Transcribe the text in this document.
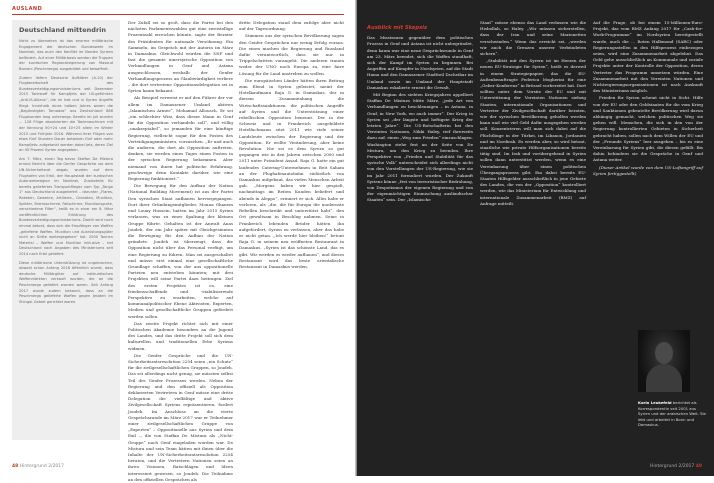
AUSLAND
Deutschland mittendrin

Nicht zu übersehen ist das enorme militärische Engagement der deutschen Bundeswehr im Nordirak, das auch den Konflikt im Norden Syriens befördert. Auf einer Militärbasis werden die Truppen der kurdischen Regionalregierung von Masoud Barzani (Peschmerga) ausgebildet und bewaffnet.

Zudem liefern Deutsche Aufklärer (A-10) der Flugbereitschaft des Bundesverteidigungsministeriums seit Dezember 2015 Tankstoff für Kampfjets der US-geführten „Anti-IS-Allianz“, die im Irak und in Syrien Angriffe fliegt. Innerhalb eines halben Jahres waren die „Begünstigten Tornados“ aus Deutschland 886 Flugstunden lang unterwegs. Bereits im Juli wurden ... 126 Flüge absolvierten die Tankmaschinen mit der Kennung 50+24 und 10+25 allein im Winter 2015 und Frühjahr 2016. Während ihrer Flügen von etwa fünf Stunden Dauer betanken fünf oder mehr Kampfjets: aufgetankt werden dabei Jets, deren Ziel an 45 Prozent Syrien angegeben.

Am 7. März, einen Tag bevor Staffan De Mistura erneut Bericht über die Genfer Gespräche vor dem UN-Sicherheitsrat abgab, wurden auf dem Flughafen von Erbil, der Hauptstadt der kurdischen Autonomieregion im Nordirak, Zusatzteile für bereits geliefertes Transportflieger vom Typ „Tango 1“ aus Deutschland ausgeliefert – darunter „Flares, Raketen, Gewehre, Artillerie-, Granaten, Munition, Splitter, Bremsschirme, Fallschirme, Munitionsgurte, verschiedene Filter“, heißt es in einer am 8. März veröffentlichten Erklärung des Bundesverteidigungsministeriums. Damit wird noch einmal betont, dass sich die Empfänger von Waffen „gelieferte Waffen, Munition und Ausrüstungsgüter nicht an Dritte weitergegeben“ hat. 2000 Tonnen Material – Waffen und Munition inklusive – hat Deutschland nach Angaben des Ministeriums seit 2014 nach Erbil geliefert.

Diese militärische Unterstützung ist ungebrochen, obwohl schon Anfang 2016 öffentlich wurde, dass deutsche Militärgüter auf irakkurdischen Waffenmärkten verkauft wurden, die an die Peschmerga geliefert worden waren. Seit Anfang 2017 wurde zudem bekannt, dass an die Peschmerga gelieferte Waffen gegen Jesiden im Shingal-Gebiet gerichtet waren.

Der Zufall sei so groß, dass die Partei bei den nächsten Parlamentswahlen gut eine zweistellige Prozentzahl erreichen könnte, sagte der Berater des Präsidenten für nationale Versöhnung. Ein Sammeln, im Gespräch mit der Autorin im März in Damaskus. Gleichwohl würden die NSF und fast die gesamte innersyrische Opposition von Verhandlungen in Genf und Astana ausgeschlossen, weshalb der Genfer Verhandlungsprozess an Glaubwürdigkeit verliere – die dort vertretene Oppositionsdelegation sei in Syrien kaum bekannt.

Als Beispiel verweist er auf den Führer der vor allem im Damaszener Umland aktiven „Islamischen Armee“, Mohamad Allousch. Er sei „ein schlechter Witz, dass dieser Mann in Genf für die Opposition verhandeln soll“, und völlig „unakzeptabel“, so jemanden für eine künftige Regierung, vielleicht sogar für den Posten des Verteidigungsministers, vorzusehen. „Er und auch die anderen, die dort als Opposition auftreten, denken, sie werden eines Tages einen Posten in der syrischen Regierung bekommen. Aber niemand von ihnen hat politische Erfahrung, geschweige denn Kontakte darüber, wie eine Regierung funktioniert.“

Die Bewegung für den Aufbau der Nation (National Building Movement) ist aus der Partei Den syrischen Staat aufbauen hervorgegangen. Dort ihrer Gründungsmitglieder, Mouna Ghanem und Louay Hussein, hatten im Jahr 2015 Syrien verlassen, was zu einer Spaltung der kleinen Gruppe führte. Gehalten ist der Anwalt Anas Joudeh, der ein Jahr später mit Gleichgesinnten die Bewegung für den Aufbau der Nation gründete. Joudeh ist überzeugt, dass die Opposition nicht über das Personal verfügt, um eine Regierung zu führen. Man sei ausgeschaltet und müsse erst einmal eine gesellschaftliche Grundlage schaffen, von der aus oppositionelle Parteien neu entstehen könnten; mit drei Projekten will seine Partei dazu beitragen. Ziel des ersten Projektes ist es, eine friedensschaffende und -stabilisierende Perspektive zu erarbeiten, welche auf kommunalpolitischer Ebene Aktivisten, Experten, Medien und gesellschaftliche Gruppen gefördert werden sollen.

Das zweite Projekt richtet sich mit einer Politischen Akademie besonders an die Jugend des Landes, und das dritte Projekt soll sich dem kulturellen und traditionellen Erbe Syriens widmen.

Die Genfer Gespräche und die UN-Sicherheitsratsresolution 2254 seien „ein Schutz“ für die zivilgesellschaftlichen Gruppen, so Joudeh. Das sei allerdings nicht genug, sie müssten selbst Teil des Genfer Prozesses werden. Neben der Regierung und den offiziell als Opposition deklarierten Vertretern in Genf müsse eine dritte Delegation die vielfältige und aktive Zivilgesellschaft Syriens repräsentieren, fordert Joudeh. Im Anschluss an die vierte Gesprächsrunde im März 2017 war er Teilnehmer einer zivilgesellschaftlichen Gruppe von „Experten“ – Oppositionelle aus Syrien und dem Exil –, die von Staffan De Mistura als „Nicht-Gruppe“ nach Genf eingeladen worden war. De Mistura und sein Team hätten mit ihnen über die Inhalte der UN-Sicherheitsratsresolution 2254 beraten, und die Vertretern Nationen seien an ihren Visionen, Ratschlägen und Ideen interessiert gewesen, so Joudeh. Die Teilnahme an den offiziellen Gesprächen als

dritte Delegation stand dem zufolge aber nicht auf der Tagesordnung.

Stimmen aus der syrischen Bevölkerung sagen den Genfer Gesprächen nur wenig Erfolg voraus. Die einen machen die Regierung und Russland dafür verantwortlich, dass sie nur in Trippelschritten vorangeht. Die anderen trauen weder der UNO noch Europa zu, eine faire Lösung für ihr Land anstreben zu wollen.

Die europäischen Länder hätten ihren Beitrag zum Elend in Syrien geleistet, meint der Hotelkaufmann Raja G. in Damaskus, der in diesem Zusammenhang die Wirtschaftssanktionen, die politischen Angriffe auf Syrien und die Unterstützung einer rebellischen Opposition benennt. Der in der Schweiz und in Frankreich ausgebildete Hotelfachmann sitzt 2011 wie viele seiner Landsleute zwischen der Regierung und der Opposition. Er wollte Veränderung, aber keine Revolution. Nie sei es dem Syrern so gut gegangen wie in den Jahren zwischen 2000 und 2011 unter Präsident Assad. Raja G. hatte ein gut laufendes Catering-Unternehmen in Beit Saham an der Flughafenautobahn südöstlich von Damaskus aufgebaut, das vielen Menschen Arbeit gab. „Morgens haben wir hier gespielt, nachmittags im Reiten Kunden beliefert und abends in Aleppo“, erinnert er sich. Alles habe er verloren, als „die, die für Europa die modernste Rebellen beschreibt und unterstützt habt“, den Ort gewaltsam in Beschlag nahmen. Seine in Frankreich lebenden Brüder hätten ihn aufgefordert, Syrien zu verlassen, aber das habe er nicht getan. „Ich werde hier bleiben!“ betont Raja G. in seinem neu eröffneten Restaurant in Damaskus. „Syrien ist das schönste Land, das es gibt. Wir werden es wieder aufbauen“, und dieses Restaurant wird das beste orientalische Restaurant in Damaskus werden.

48 Hintergrund 2/2017
Ausblick mit Skepsis

Das Misstrauen gegenüber dem politischen Prozess in Genf und Astana ist nicht unbegründet, denn kaum war eine neue Gesprächsrunde in Genf am 23. März beendet, sich die Waffen standhaft, sich der Kampf im Syrien zu beginnen. Bei Angriffen auf Kämpfer in Nordsyrien, auf die Stadt Hama und den Damaszener Stadtteil Dscheibar im Umland sowie im Umland der Hauptstadt Damaskus eskalierte erneut die Gewalt.

Mit Beginn des siebten Kriegsjahres appelliert Staffan De Mistura Mitte März, „jede Art von Verhandlungen zu beschleunigen – in Astana, in Genf, in New York, wo auch immer“. Der Krieg in Syrien sei „der längste und heftigste Krieg der letzten Jahre“. Die US-Botschafterin bei den Vereinten Nationen, Nikki Haley, rief ihrerseits dazu auf, einen „Weg zum Frieden“ einzuschlagen. Washington stehe fest an der Seite von De Mistura, um den Krieg zu beenden. Ihre Perspektive von „Frieden und Stabilität für das syrische Volk“ unterscheidet sich allerdings nicht von den Vorstellungen der US-Regierung, wie sie im Jahr 2011 formuliert wurden. Der Zukunft Syriens könne „frei von terroristischer Bedrohung, von Despotismus der eigenen Regierung und von der eigenmächtigen Einmischung ausländischer Staaten“ sein. Der „Islamische

Staat“ müsse ebenso das Land verlassen wie die Hisbollah, so Haley. „Wir müssen sicherstellen, dass der Iran und seine Marionetten verschwinden.“ Wenn das erreicht sei, „werden wir auch die Grenzen unserer Verbündeten sichern“.

„Stabilität mit den Syrern ist im Herzen der neuen EU-Strategie für Syrien“, heißt es derweil in einem Strategiepapier, das die EU-Außenbeauftragte Federica Mogherini für eine „Geber-Konferenz“ in Brüssel vorbereitet hat. Dort sollten unter dem Vorsitz der EU und mit Unterstützung der Vereinten Nationen siebzig Staaten, internationale Organisationen und Vertreter der Zivilgesellschaft darüber beraten, wie der syrischen Bevölkerung geholfen werden kann und wie viel Geld dafür ausgegeben werden soll. Konzentrieren will man sich dabei auf die Flüchtlinge in der Türkei, im Libanon, Jordanien und im Nordirak. Es werden aber, so wird betont, staatliche wie private Hilfsorganisationen bereits tätig sind. Im Irak und vorübergehend in Syrien sollen dann unterstützt werden, wenn es eine Vereinbarung über einen politischen Übergangsprozess gibt. Ein dabei bereits EU-Staaten Hilfsgelder ausschließlich in jene Gebiete des Landes, die von der „Opposition“ kontrolliert werden, wie das Ministerium für Entwicklung und internationale Zusammenarbeit (BMZ) auf Anfrage mitteilt.

Auf die Frage, ob bei einem 15-Millionen-Euro-Projekt, das vom BMZ Anfang 2017 für „Cash-for-Work-Programme“ im Nordsyrien bereitgestellt wurde, auch die ... Roten Halbmond (SARC) oder Regierungsstellen in den Hilfsprozess einbezogen seien, wird eine Zusammenarbeit abgelehnt. Das Geld gehe ausschließlich an Kommunale und soziale Projekte unter der Kontrolle der Opposition, deren Vertreter das Programm umsetzen würden. Eine Zusammenarbeit mit den Vereinten Nationen und Nichtregierungsorganisationen ist nach Auskunft des Ministeriums möglich.

Frieden für Syrien scheint nicht in Sicht. Hilfe von der EU oder den Geldstaaten für die vom Krieg und Sanktionen gebeutelte Bevölkerung wird davon abhängig gemacht, welchen politischen Weg sie gehen will. Menschen, die sich in den von der Regierung kontrollierten Gebieten in Sicherheit gebracht haben, sollen nach dem Willen der EU und der „Freunde Syriens“ leer ausgehen – bis es eine Vereinbarung für Syrien gibt, die diesen gefällt. Bis dahin behindern sie die Gespräche in Genf und Astana weiter.

(Dieser Artikel wurde von dem US-Luftangriff auf Syrien fertiggestellt)

Karin Leukefeld berichtet als Korrespondentin seit 2001 aus Syrien und der arabischen Welt. Sie lebt und arbeitet in Bonn und Damaskus.
Hintergrund 2/2017 49
